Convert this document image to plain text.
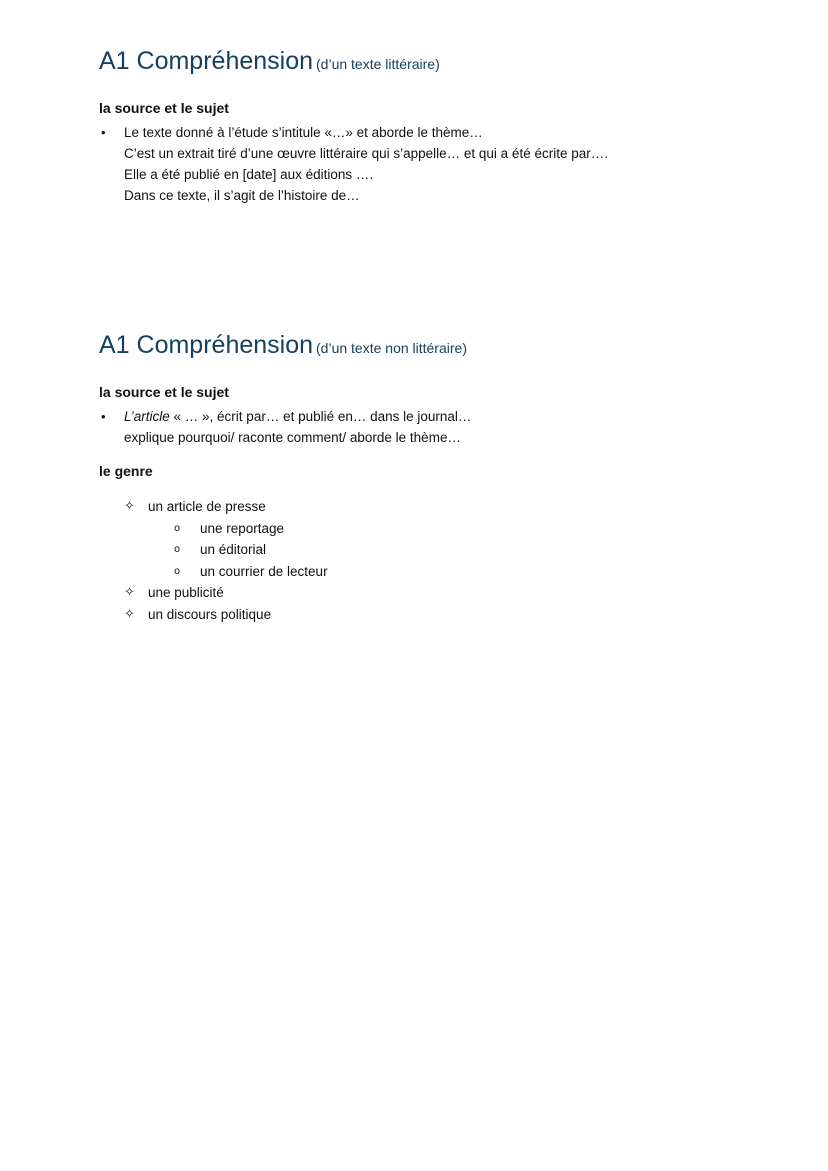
A1 Compréhension (d’un texte littéraire)
la source et le sujet
• Le texte donné à l’étude s’intitule «…» et aborde le thème…
C’est un extrait tiré d’une œuvre littéraire qui s’appelle… et qui a été écrite par….
Elle a été publié en [date] aux éditions ….
Dans ce texte, il s’agit de l’histoire de…
A1 Compréhension (d’un texte non littéraire)
la source et le sujet
• L’article « … », écrit par… et publié en… dans le journal…
explique pourquoi/ raconte comment/ aborde le thème…
le genre
✧ un article de presse
o une reportage
o un éditorial
o un courrier de lecteur
✧ une publicité
✧ un discours politique
